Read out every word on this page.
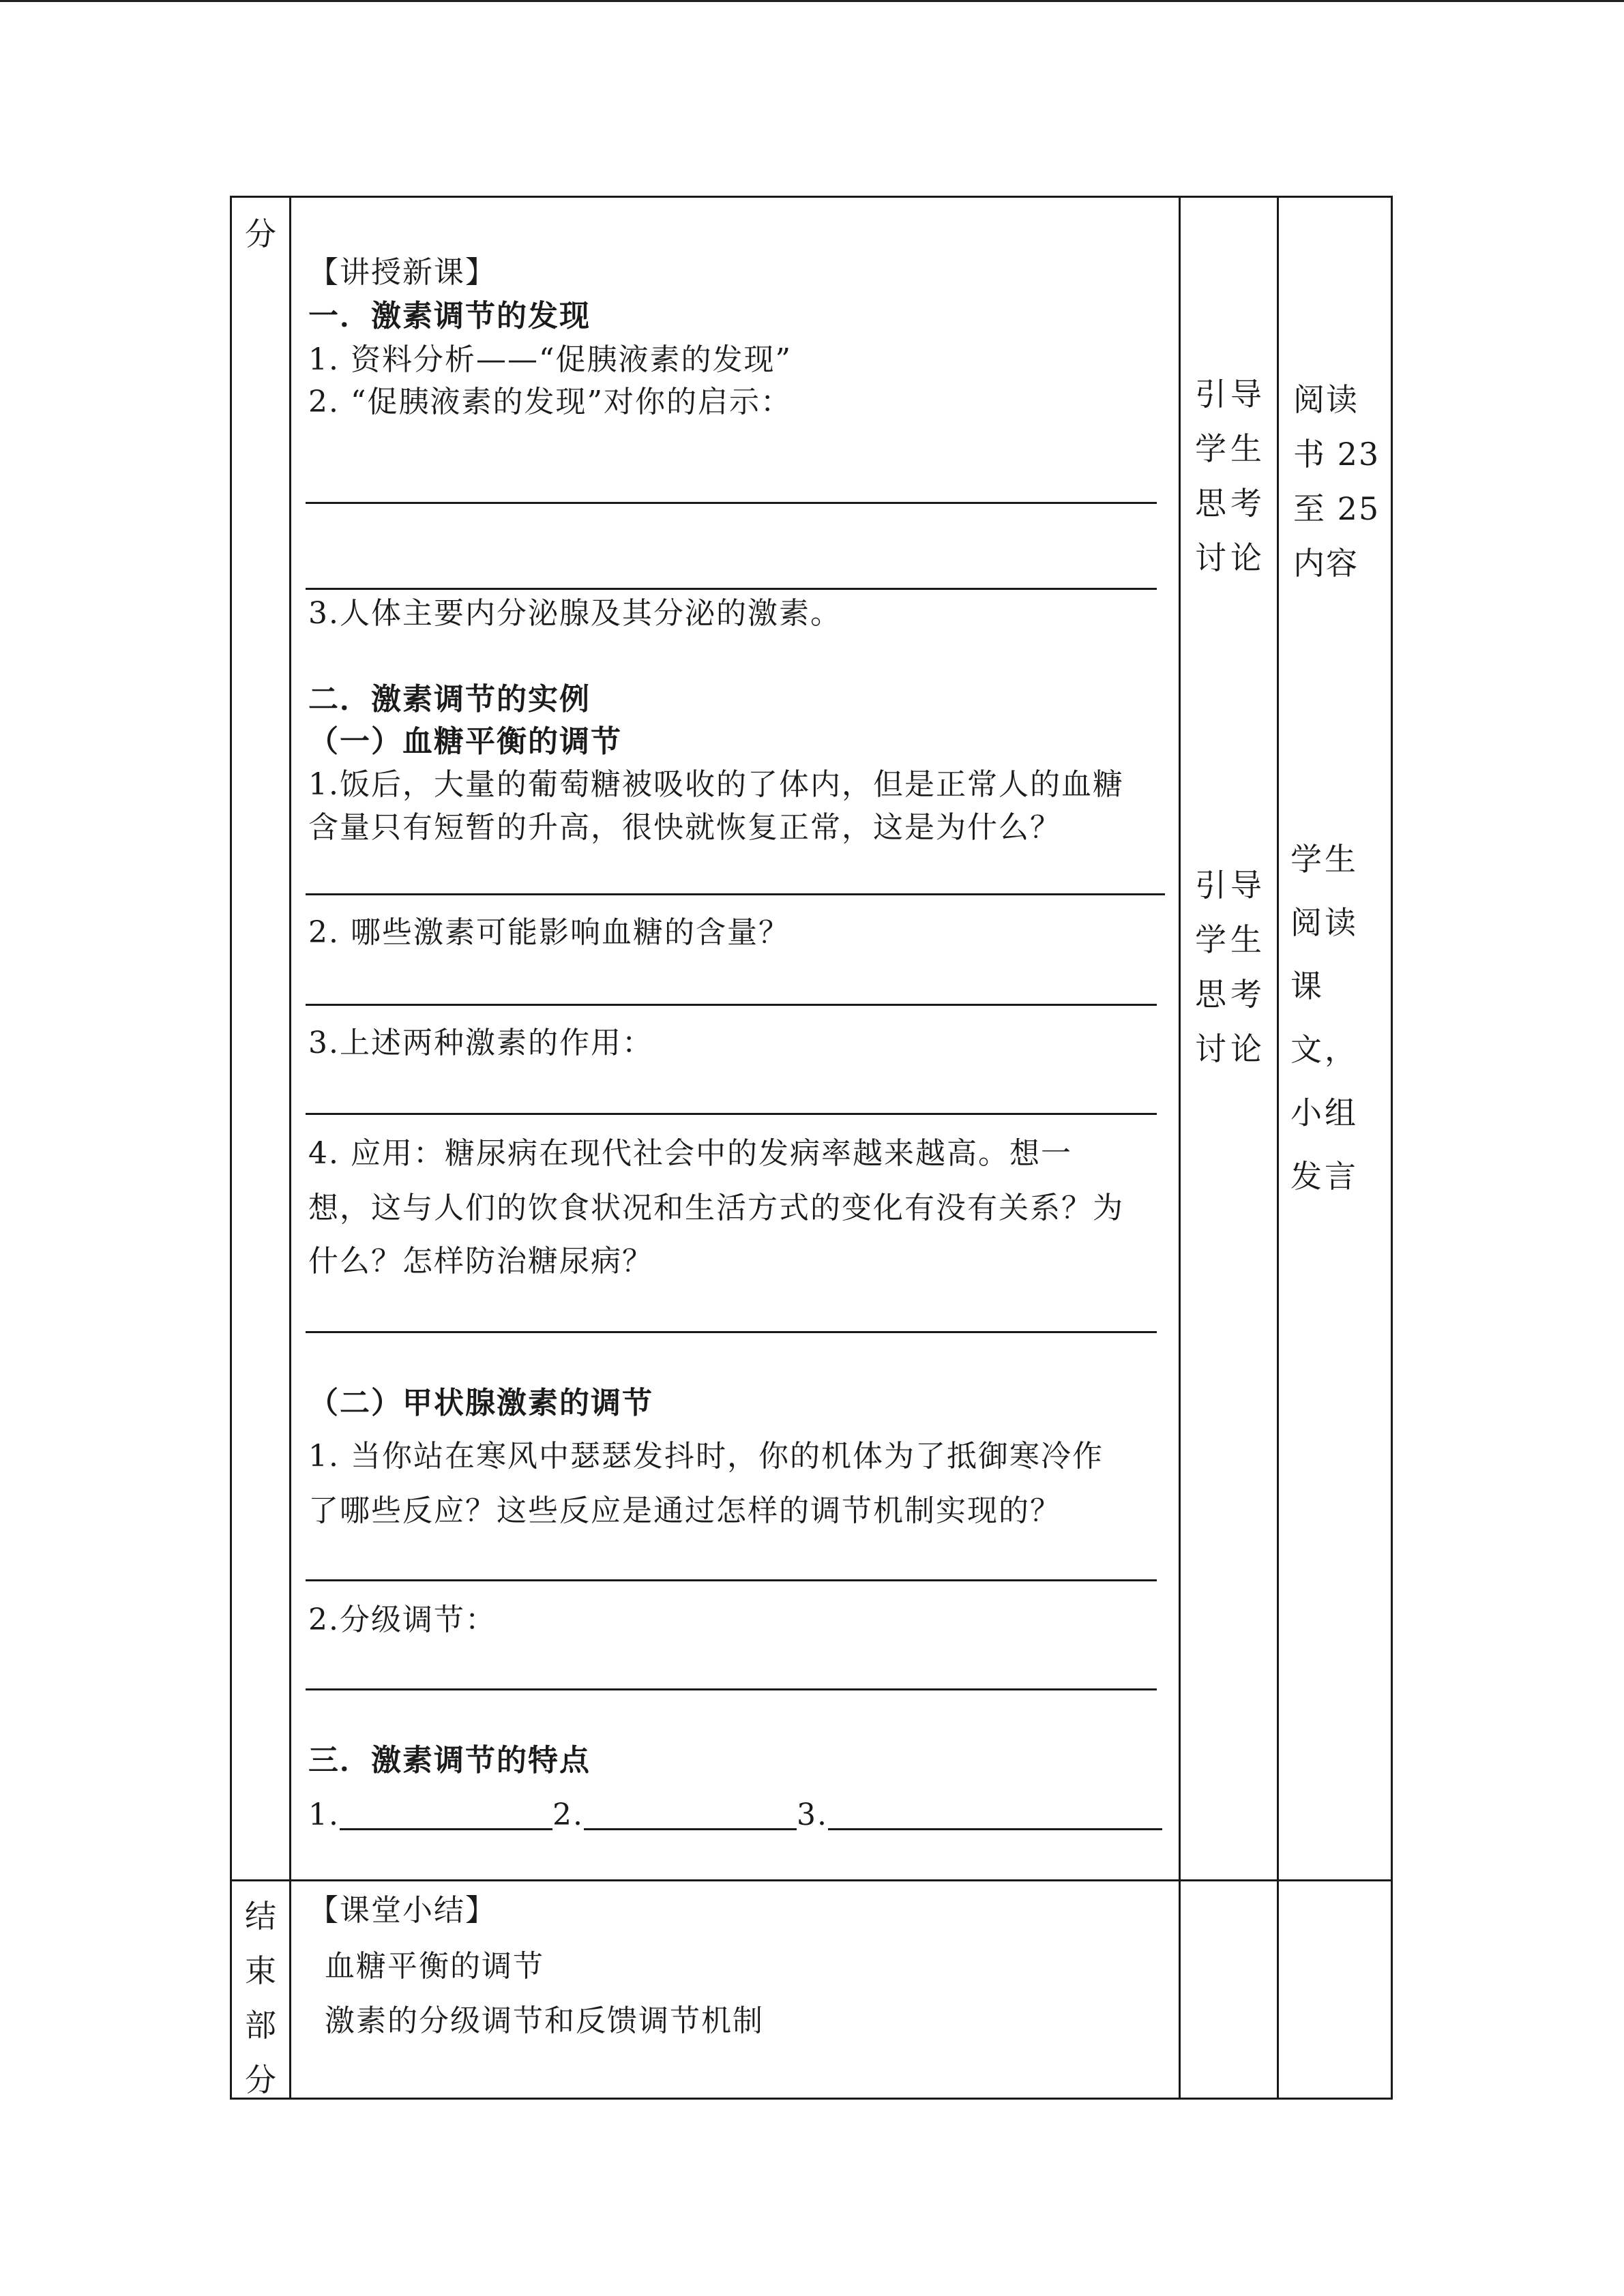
分
结
束
部
分
【讲授新课】
一．激素调节的发现
1. 资料分析——“促胰液素的发现”
2. “促胰液素的发现”对你的启示：
3.人体主要内分泌腺及其分泌的激素。
二．激素调节的实例
（一）血糖平衡的调节
1.饭后，大量的葡萄糖被吸收的了体内，但是正常人的血糖
含量只有短暂的升高，很快就恢复正常，这是为什么？
2. 哪些激素可能影响血糖的含量？
3.上述两种激素的作用：
4. 应用：糖尿病在现代社会中的发病率越来越高。想一
想，这与人们的饮食状况和生活方式的变化有没有关系？为
什么？怎样防治糖尿病？
（二）甲状腺激素的调节
1. 当你站在寒风中瑟瑟发抖时，你的机体为了抵御寒冷作
了哪些反应？这些反应是通过怎样的调节机制实现的？
2.分级调节：
三．激素调节的特点
1.	2.	3.
【课堂小结】
血糖平衡的调节
激素的分级调节和反馈调节机制
引导
学生
思考
讨论
引导
学生
思考
讨论
阅读
书 23
至 25
内容
学生
阅读
课
文，
小组
发言
